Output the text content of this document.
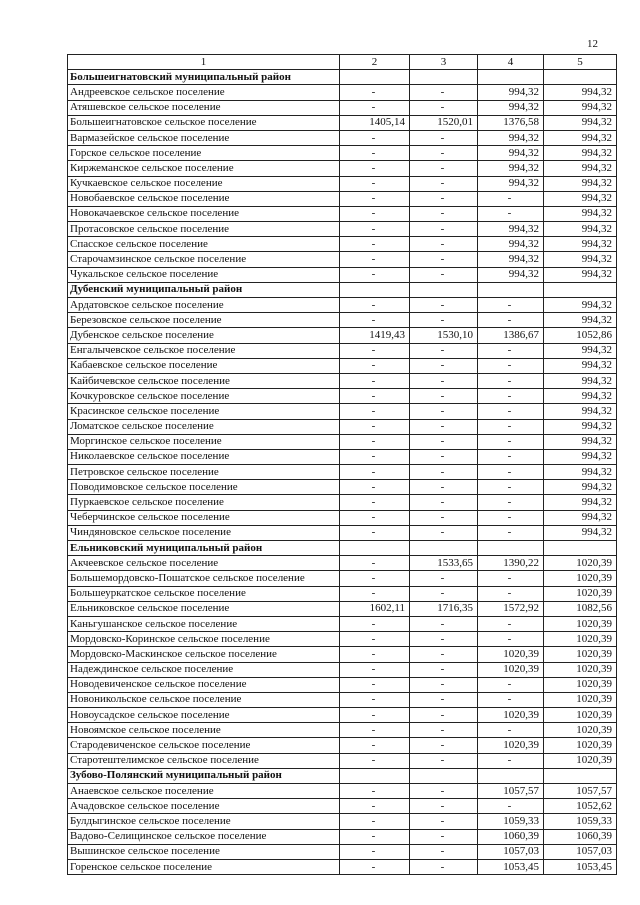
12
1	2	3	4	5
Большеигнатовский муниципальный район				
Андреевское сельское поселение	-	-	994,32	994,32
Атяшевское сельское поселение	-	-	994,32	994,32
Большеигнатовское сельское поселение	1405,14	1520,01	1376,58	994,32
Вармазейское сельское поселение	-	-	994,32	994,32
Горское сельское поселение	-	-	994,32	994,32
Киржеманское сельское поселение	-	-	994,32	994,32
Кучкаевское сельское поселение	-	-	994,32	994,32
Новобаевское сельское поселение	-	-	-	994,32
Новокачаевское сельское поселение	-	-	-	994,32
Протасовское сельское поселение	-	-	994,32	994,32
Спасское сельское поселение	-	-	994,32	994,32
Старочамзинское сельское поселение	-	-	994,32	994,32
Чукальское сельское поселение	-	-	994,32	994,32
Дубенский муниципальный район				
Ардатовское сельское поселение	-	-	-	994,32
Березовское сельское поселение	-	-	-	994,32
Дубенское сельское поселение	1419,43	1530,10	1386,67	1052,86
Енгалычевское сельское поселение	-	-	-	994,32
Кабаевское сельское поселение	-	-	-	994,32
Кайбичевское сельское поселение	-	-	-	994,32
Кочкуровское сельское поселение	-	-	-	994,32
Красинское сельское поселение	-	-	-	994,32
Ломатское сельское поселение	-	-	-	994,32
Моргинское сельское поселение	-	-	-	994,32
Николаевское сельское поселение	-	-	-	994,32
Петровское сельское поселение	-	-	-	994,32
Поводимовское сельское поселение	-	-	-	994,32
Пуркаевское сельское поселение	-	-	-	994,32
Чеберчинское сельское поселение	-	-	-	994,32
Чиндяновское сельское поселение	-	-	-	994,32
Ельниковский муниципальный район				
Акчеевское сельское поселение	-	1533,65	1390,22	1020,39
Большемордовско-Пошатское сельское поселение	-	-	-	1020,39
Большеуркатское сельское поселение	-	-	-	1020,39
Ельниковское сельское поселение	1602,11	1716,35	1572,92	1082,56
Каньгушанское сельское поселение	-	-	-	1020,39
Мордовско-Коринское сельское поселение	-	-	-	1020,39
Мордовско-Маскинское сельское поселение	-	-	1020,39	1020,39
Надеждинское сельское поселение	-	-	1020,39	1020,39
Новодевиченское сельское поселение	-	-	-	1020,39
Новоникольское сельское поселение	-	-	-	1020,39
Новоусадское сельское поселение	-	-	1020,39	1020,39
Новоямское сельское поселение	-	-	-	1020,39
Стародевиченское сельское поселение	-	-	1020,39	1020,39
Старотештелимское сельское поселение	-	-	-	1020,39
Зубово-Полянский муниципальный район				
Анаевское сельское поселение	-	-	1057,57	1057,57
Ачадовское сельское поселение	-	-	-	1052,62
Булдыгинское сельское поселение	-	-	1059,33	1059,33
Вадово-Селищинское сельское поселение	-	-	1060,39	1060,39
Вышинское сельское поселение	-	-	1057,03	1057,03
Горенское сельское поселение	-	-	1053,45	1053,45
